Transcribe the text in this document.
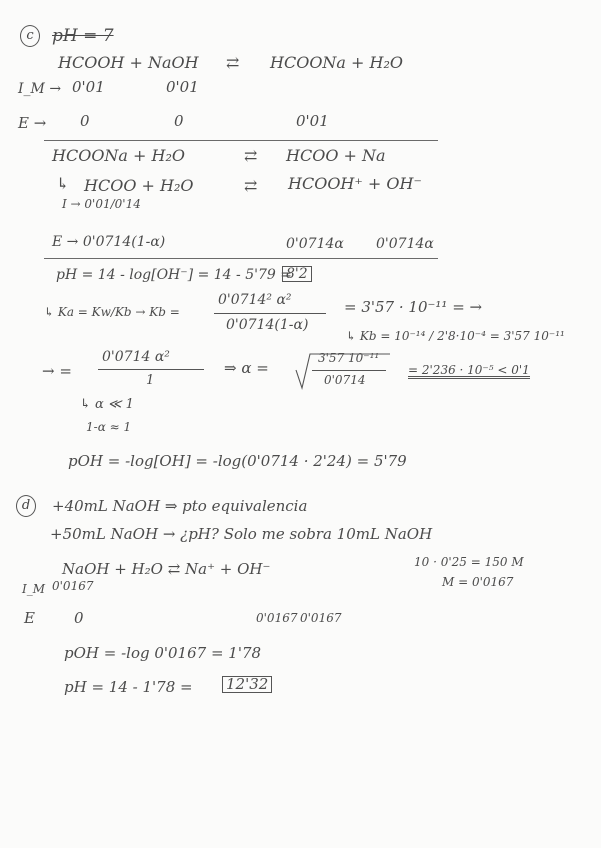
c	pH = 7
HCOOH + NaOH ⇄ HCOONa + H₂O
I_M → 0'01	0'01
E → 0	0	0'01
HCOONa + H₂O	⇄ HCOO + Na
↳ HCOO + H₂O	⇄ HCOOH⁺ + OH⁻
I → 0'01/0'14
E → 0'0714(1-α)	0'0714α 0'0714α
pH = 14 - log[OH⁻] = 14 - 5'79 =
8'2
↳ Ka = Kw/Kb → Kb =
0'0714² α²
0'0714(1-α)
= 3'57 · 10⁻¹¹ = →
↳ Kb = 10⁻¹⁴ / 2'8·10⁻⁴ = 3'57 10⁻¹¹
→ =
0'0714 α²
1
⇒ α =
3'57 10⁻¹¹
0'0714
= 2'236 · 10⁻⁵ < 0'1
↳ α ≪ 1
1-α ≈ 1
pOH = -log[OH] = -log(0'0714 · 2'24) = 5'79
d	+40mL NaOH ⇒ pto equivalencia
+50mL NaOH → ¿pH? Solo me sobra 10mL NaOH
NaOH + H₂O ⇄ Na⁺ + OH⁻	10 · 0'25 = 150 M
M = 0'0167
I_M 0'0167
E	0	0'0167 0'0167
pOH = -log 0'0167 = 1'78
pH = 14 - 1'78 = 12'32
